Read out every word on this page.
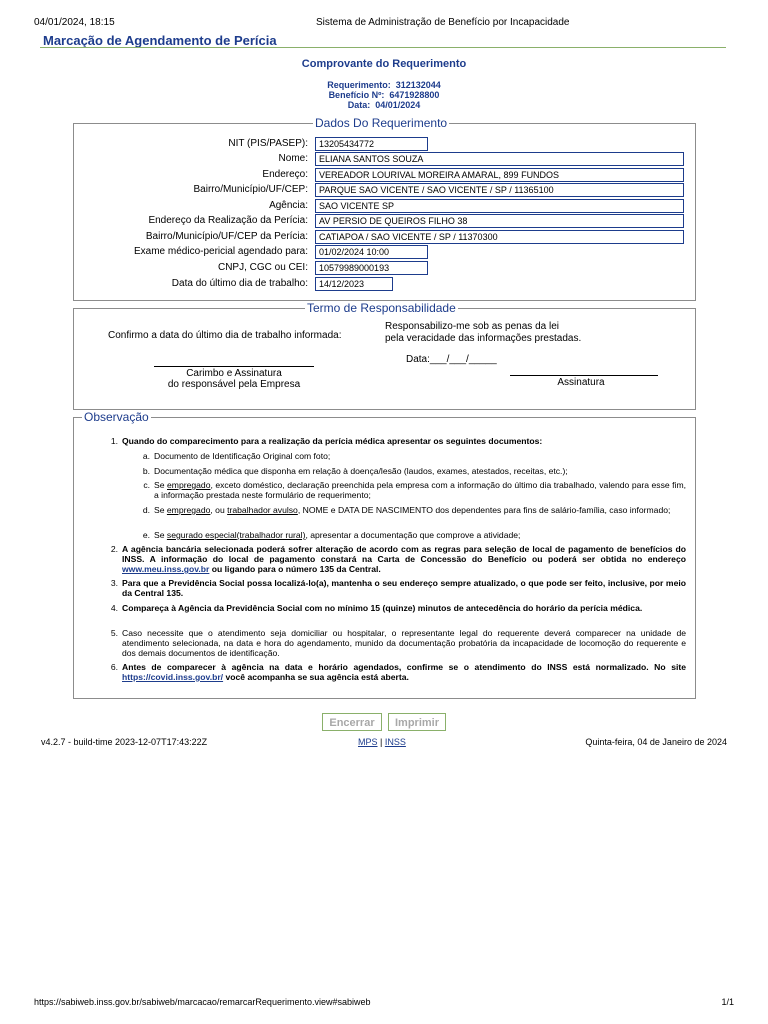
04/01/2024, 18:15	Sistema de Administração de Benefício por Incapacidade
Marcação de Agendamento de Perícia
Comprovante do Requerimento
Requerimento:  312132044
Benefício Nº:  6471928800
Data:  04/01/2024
Dados Do Requerimento
NIT (PIS/PASEP):	13205434772
Nome:	ELIANA SANTOS SOUZA
Endereço:	VEREADOR LOURIVAL MOREIRA AMARAL, 899 FUNDOS
Bairro/Município/UF/CEP:	PARQUE SAO VICENTE / SAO VICENTE / SP / 11365100
Agência:	SAO VICENTE SP
Endereço da Realização da Perícia:	AV PERSIO DE QUEIROS FILHO 38
Bairro/Município/UF/CEP da Perícia:	CATIAPOA / SAO VICENTE / SP / 11370300
Exame médico-pericial agendado para:	01/02/2024 10:00
CNPJ, CGC ou CEI:	10579989000193
Data do último dia de trabalho:	14/12/2023
Termo de Responsabilidade
Confirmo a data do último dia de trabalho informada:
Responsabilizo-me sob as penas da lei
pela veracidade das informações prestadas.
Data:___/___/_____
Carimbo e Assinatura
do responsável pela Empresa	Assinatura
Observação
1. Quando do comparecimento para a realização da perícia médica apresentar os seguintes documentos:
a. Documento de Identificação Original com foto;
b. Documentação médica que disponha em relação à doença/lesão (laudos, exames, atestados, receitas, etc.);
c. Se empregado, exceto doméstico, declaração preenchida pela empresa com a informação do último dia trabalhado, valendo para esse fim, a informação prestada neste formulário de requerimento;
d. Se empregado, ou trabalhador avulso, NOME e DATA DE NASCIMENTO dos dependentes para fins de salário-família, caso informado;
e. Se segurado especial(trabalhador rural), apresentar a documentação que comprove a atividade;
2. A agência bancária selecionada poderá sofrer alteração de acordo com as regras para seleção de local de pagamento de benefícios do INSS. A informação do local de pagamento constará na Carta de Concessão do Benefício ou poderá ser obtida no endereço www.meu.inss.gov.br ou ligando para o número 135 da Central.
3. Para que a Previdência Social possa localizá-lo(a), mantenha o seu endereço sempre atualizado, o que pode ser feito, inclusive, por meio da Central 135.
4. Compareça à Agência da Previdência Social com no mínimo 15 (quinze) minutos de antecedência do horário da perícia médica.
5. Caso necessite que o atendimento seja domiciliar ou hospitalar, o representante legal do requerente deverá comparecer na unidade de atendimento selecionada, na data e hora do agendamento, munido da documentação probatória da incapacidade de locomoção do requerente e dos demais documentos de identificação.
6. Antes de comparecer à agência na data e horário agendados, confirme se o atendimento do INSS está normalizado. No site https://covid.inss.gov.br/ você acompanha se sua agência está aberta.
Encerrar	Imprimir
v4.2.7 - build-time 2023-12-07T17:43:22Z	MPS | INSS	Quinta-feira, 04 de Janeiro de 2024
https://sabiweb.inss.gov.br/sabiweb/marcacao/remarcarRequerimento.view#sabiweb	1/1
